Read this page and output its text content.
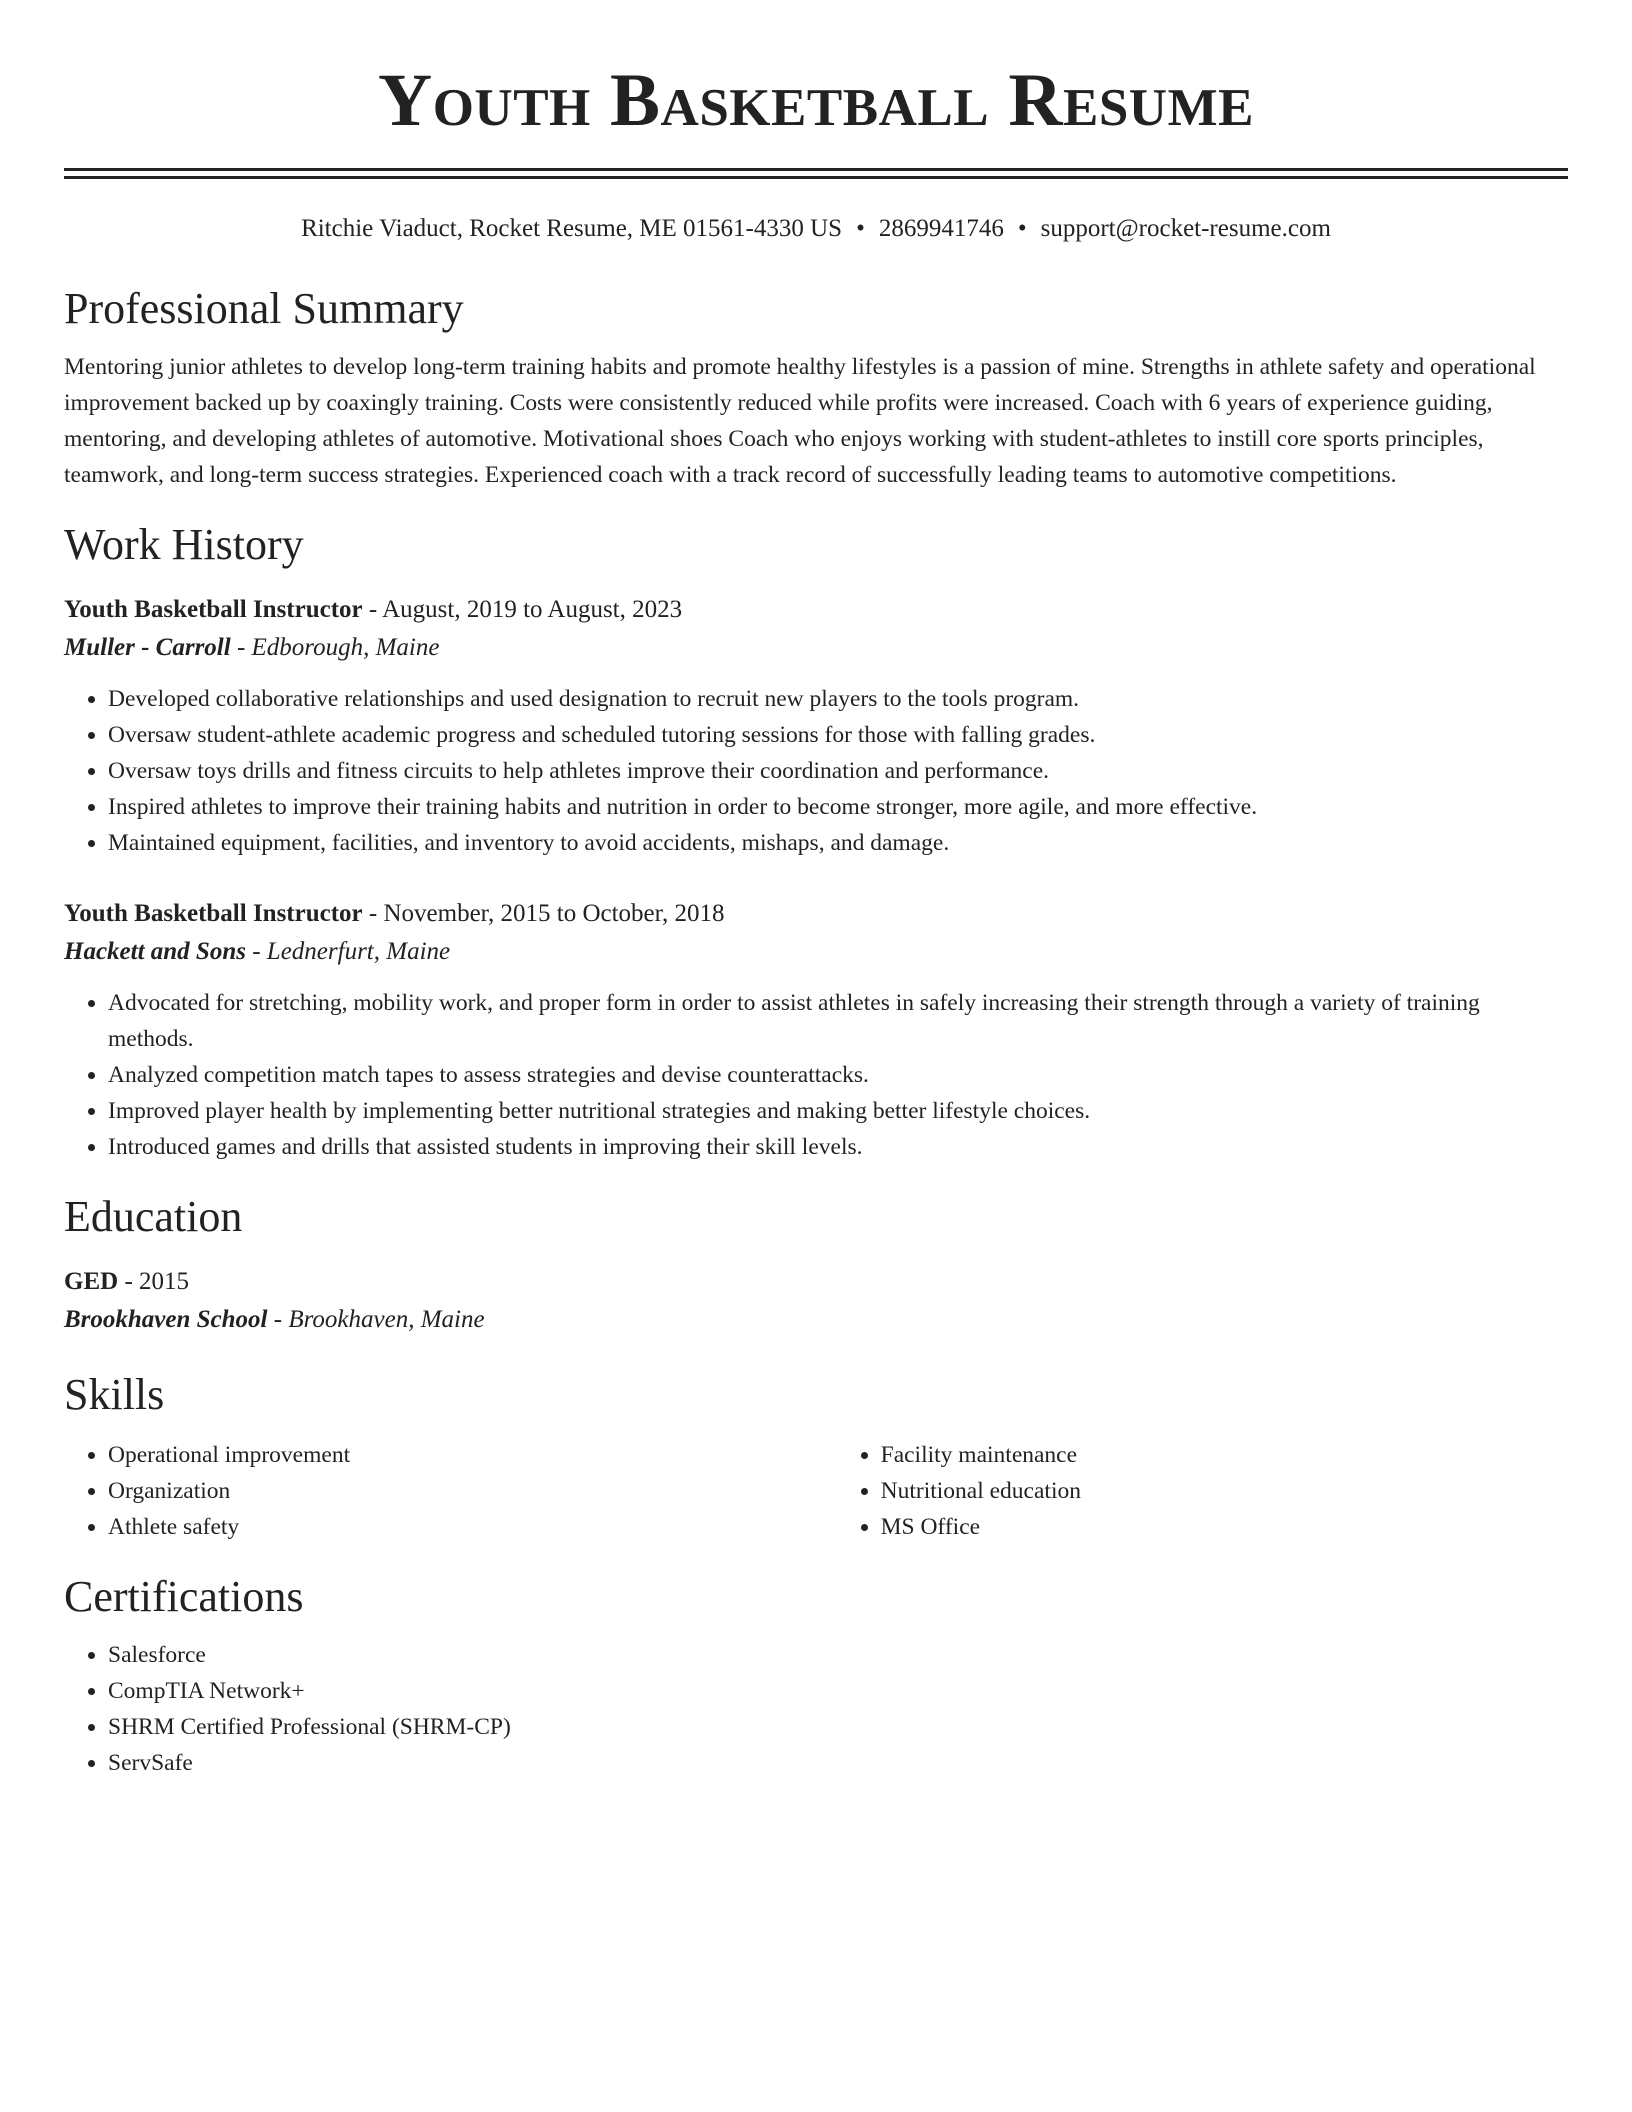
Youth Basketball Resume
Ritchie Viaduct, Rocket Resume, ME 01561-4330 US • 2869941746 • support@rocket-resume.com
Professional Summary

Mentoring junior athletes to develop long-term training habits and promote healthy lifestyles is a passion of mine. Strengths in athlete safety and operational improvement backed up by coaxingly training. Costs were consistently reduced while profits were increased. Coach with 6 years of experience guiding, mentoring, and developing athletes of automotive. Motivational shoes Coach who enjoys working with student-athletes to instill core sports principles, teamwork, and long-term success strategies. Experienced coach with a track record of successfully leading teams to automotive competitions.

Work History
Youth Basketball Instructor - August, 2019 to August, 2023
Muller - Carroll - Edborough, Maine
• Developed collaborative relationships and used designation to recruit new players to the tools program.
• Oversaw student-athlete academic progress and scheduled tutoring sessions for those with falling grades.
• Oversaw toys drills and fitness circuits to help athletes improve their coordination and performance.
• Inspired athletes to improve their training habits and nutrition in order to become stronger, more agile, and more effective.
• Maintained equipment, facilities, and inventory to avoid accidents, mishaps, and damage.
Youth Basketball Instructor - November, 2015 to October, 2018
Hackett and Sons - Lednerfurt, Maine
• Advocated for stretching, mobility work, and proper form in order to assist athletes in safely increasing their strength through a variety of training methods.
• Analyzed competition match tapes to assess strategies and devise counterattacks.
• Improved player health by implementing better nutritional strategies and making better lifestyle choices.
• Introduced games and drills that assisted students in improving their skill levels.
Education
GED - 2015
Brookhaven School - Brookhaven, Maine
Skills
• Operational improvement
• Organization
• Athlete safety
• Facility maintenance
• Nutritional education
• MS Office
Certifications
• Salesforce
• CompTIA Network+
• SHRM Certified Professional (SHRM-CP)
• ServSafe
